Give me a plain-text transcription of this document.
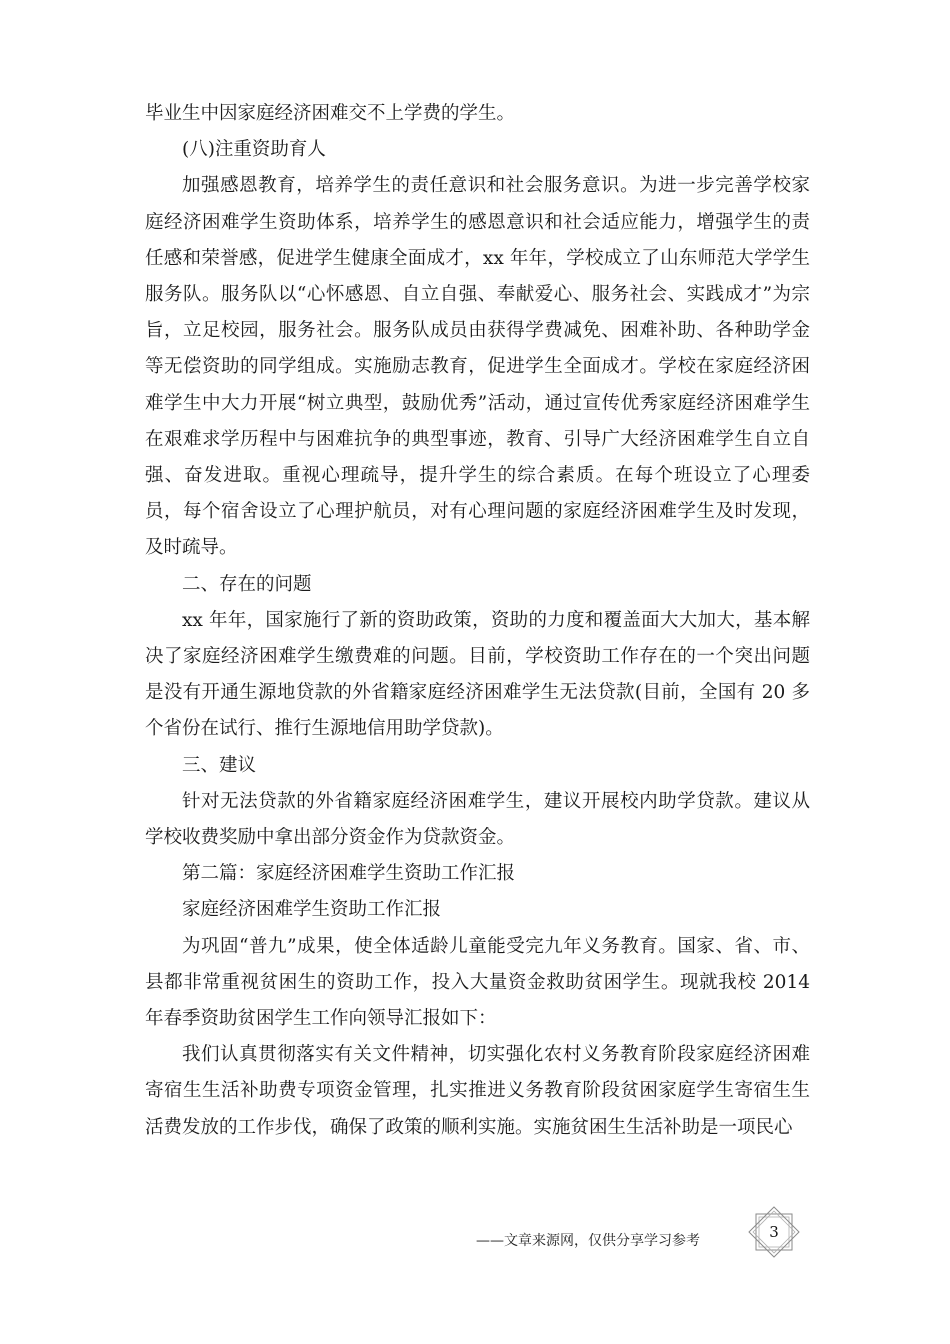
毕业生中因家庭经济困难交不上学费的学生。

(八)注重资助育人

加强感恩教育，培养学生的责任意识和社会服务意识。为进一步完善学校家庭经济困难学生资助体系，培养学生的感恩意识和社会适应能力，增强学生的责任感和荣誉感，促进学生健康全面成才，xx 年年，学校成立了山东师范大学学生服务队。服务队以“心怀感恩、自立自强、奉献爱心、服务社会、实践成才”为宗旨，立足校园，服务社会。服务队成员由获得学费减免、困难补助、各种助学金等无偿资助的同学组成。实施励志教育，促进学生全面成才。学校在家庭经济困难学生中大力开展“树立典型，鼓励优秀”活动，通过宣传优秀家庭经济困难学生在艰难求学历程中与困难抗争的典型事迹，教育、引导广大经济困难学生自立自强、奋发进取。重视心理疏导，提升学生的综合素质。在每个班设立了心理委员，每个宿舍设立了心理护航员，对有心理问题的家庭经济困难学生及时发现，及时疏导。

二、存在的问题

xx 年年，国家施行了新的资助政策，资助的力度和覆盖面大大加大，基本解决了家庭经济困难学生缴费难的问题。目前，学校资助工作存在的一个突出问题是没有开通生源地贷款的外省籍家庭经济困难学生无法贷款(目前，全国有 20 多个省份在试行、推行生源地信用助学贷款)。

三、建议

针对无法贷款的外省籍家庭经济困难学生，建议开展校内助学贷款。建议从学校收费奖励中拿出部分资金作为贷款资金。

第二篇：家庭经济困难学生资助工作汇报

家庭经济困难学生资助工作汇报

为巩固“普九”成果，使全体适龄儿童能受完九年义务教育。国家、省、市、县都非常重视贫困生的资助工作，投入大量资金救助贫困学生。现就我校 2014 年春季资助贫困学生工作向领导汇报如下：

我们认真贯彻落实有关文件精神，切实强化农村义务教育阶段家庭经济困难寄宿生生活补助费专项资金管理，扎实推进义务教育阶段贫困家庭学生寄宿生生活费发放的工作步伐，确保了政策的顺利实施。实施贫困生生活补助是一项民心

——文章来源网，仅供分享学习参考	3
